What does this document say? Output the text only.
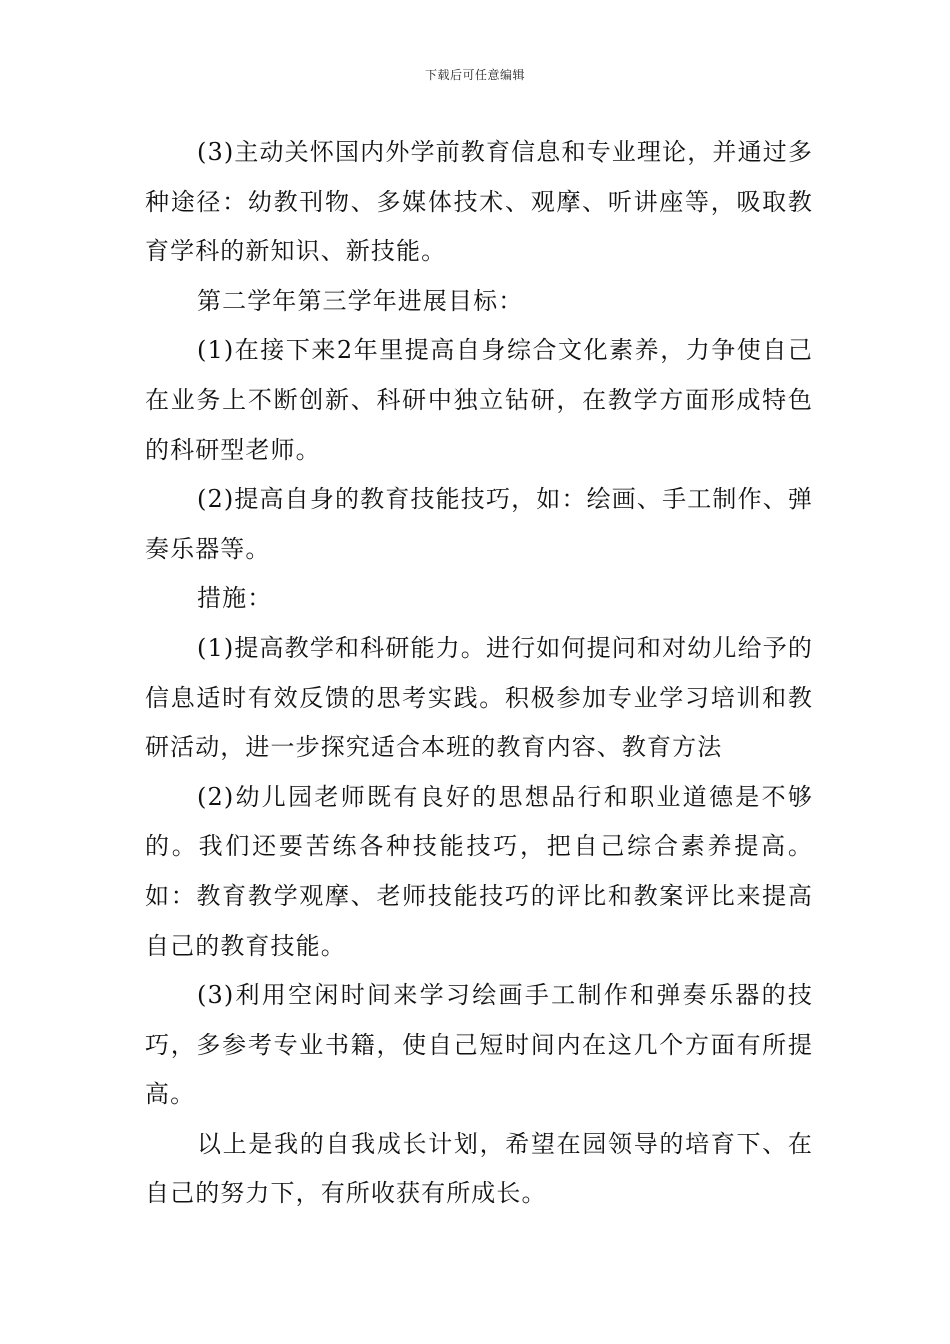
下载后可任意编辑

(3)主动关怀国内外学前教育信息和专业理论，并通过多种途径：幼教刊物、多媒体技术、观摩、听讲座等，吸取教育学科的新知识、新技能。

第二学年第三学年进展目标：

(1)在接下来2年里提高自身综合文化素养，力争使自己在业务上不断创新、科研中独立钻研，在教学方面形成特色的科研型老师。

(2)提高自身的教育技能技巧，如：绘画、手工制作、弹奏乐器等。

措施：

(1)提高教学和科研能力。进行如何提问和对幼儿给予的信息适时有效反馈的思考实践。积极参加专业学习培训和教研活动，进一步探究适合本班的教育内容、教育方法

(2)幼儿园老师既有良好的思想品行和职业道德是不够的。我们还要苦练各种技能技巧，把自己综合素养提高。如：教育教学观摩、老师技能技巧的评比和教案评比来提高自己的教育技能。

(3)利用空闲时间来学习绘画手工制作和弹奏乐器的技巧，多参考专业书籍，使自己短时间内在这几个方面有所提高。

以上是我的自我成长计划，希望在园领导的培育下、在自己的努力下，有所收获有所成长。
